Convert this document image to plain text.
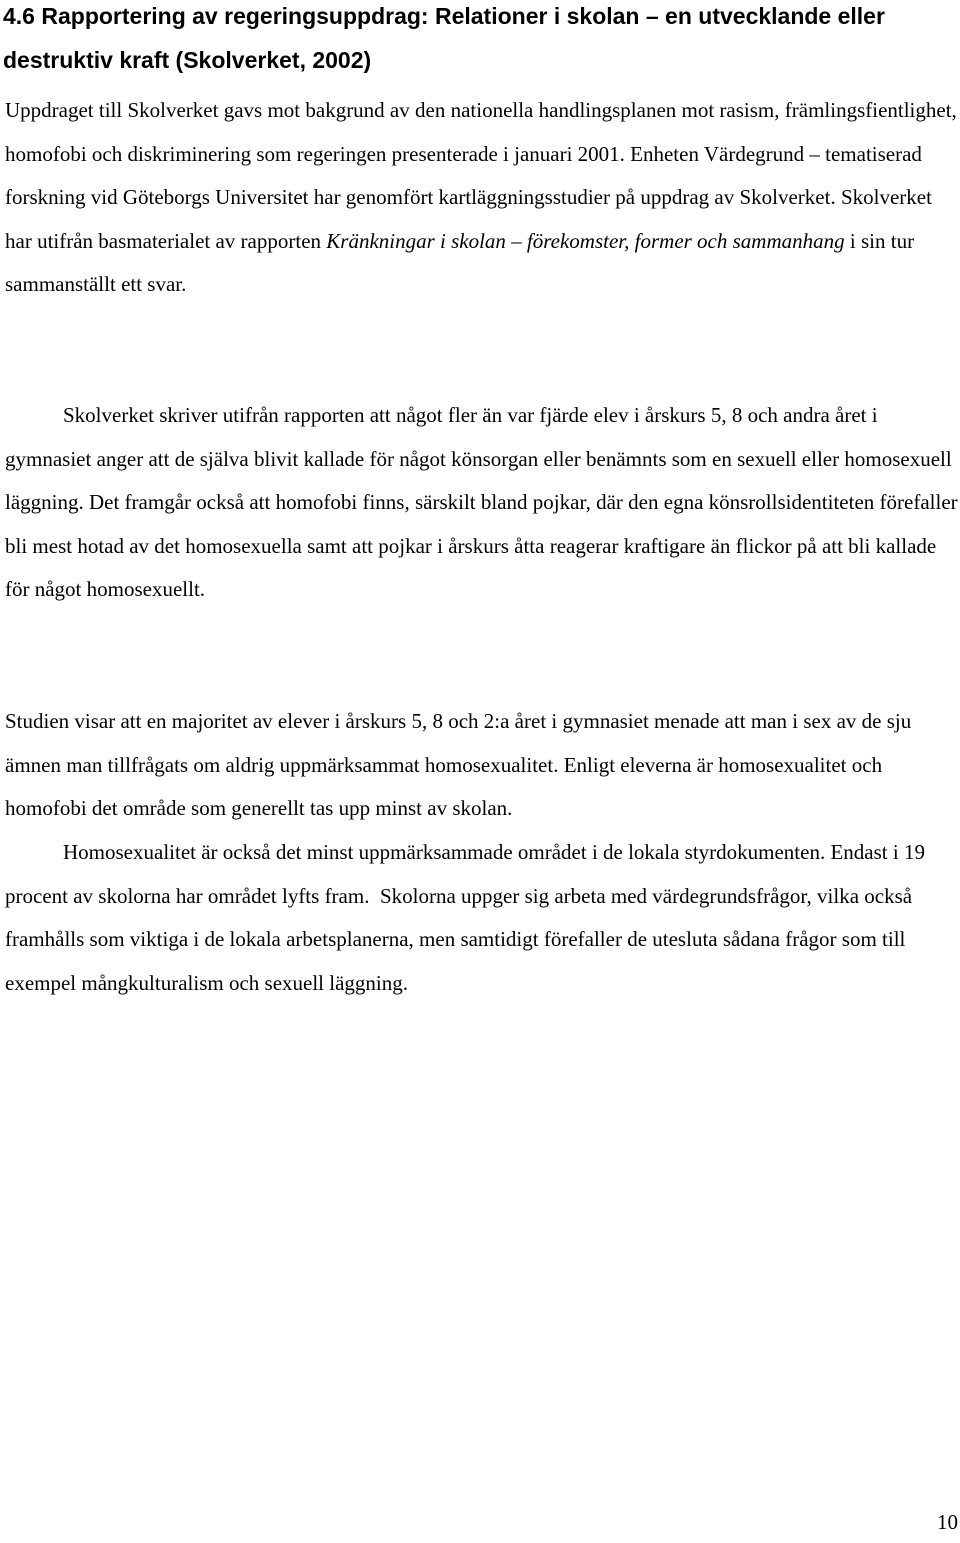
4.6 Rapportering av regeringsuppdrag: Relationer i skolan – en utvecklande eller destruktiv kraft (Skolverket, 2002)

Uppdraget till Skolverket gavs mot bakgrund av den nationella handlingsplanen mot rasism, främlingsfientlighet, homofobi och diskriminering som regeringen presenterade i januari 2001. Enheten Värdegrund – tematiserad forskning vid Göteborgs Universitet har genomfört kartläggningsstudier på uppdrag av Skolverket. Skolverket har utifrån basmaterialet av rapporten Kränkningar i skolan – förekomster, former och sammanhang i sin tur sammanställt ett svar.

Skolverket skriver utifrån rapporten att något fler än var fjärde elev i årskurs 5, 8 och andra året i gymnasiet anger att de själva blivit kallade för något könsorgan eller benämnts som en sexuell eller homosexuell läggning. Det framgår också att homofobi finns, särskilt bland pojkar, där den egna könsrollsidentiteten förefaller bli mest hotad av det homosexuella samt att pojkar i årskurs åtta reagerar kraftigare än flickor på att bli kallade för något homosexuellt.

Studien visar att en majoritet av elever i årskurs 5, 8 och 2:a året i gymnasiet menade att man i sex av de sju ämnen man tillfrågats om aldrig uppmärksammat homosexualitet. Enligt eleverna är homosexualitet och homofobi det område som generellt tas upp minst av skolan.

Homosexualitet är också det minst uppmärksammade området i de lokala styrdokumenten. Endast i 19 procent av skolorna har området lyfts fram.  Skolorna uppger sig arbeta med värdegrundsfrågor, vilka också framhålls som viktiga i de lokala arbetsplanerna, men samtidigt förefaller de utesluta sådana frågor som till exempel mångkulturalism och sexuell läggning.

10
